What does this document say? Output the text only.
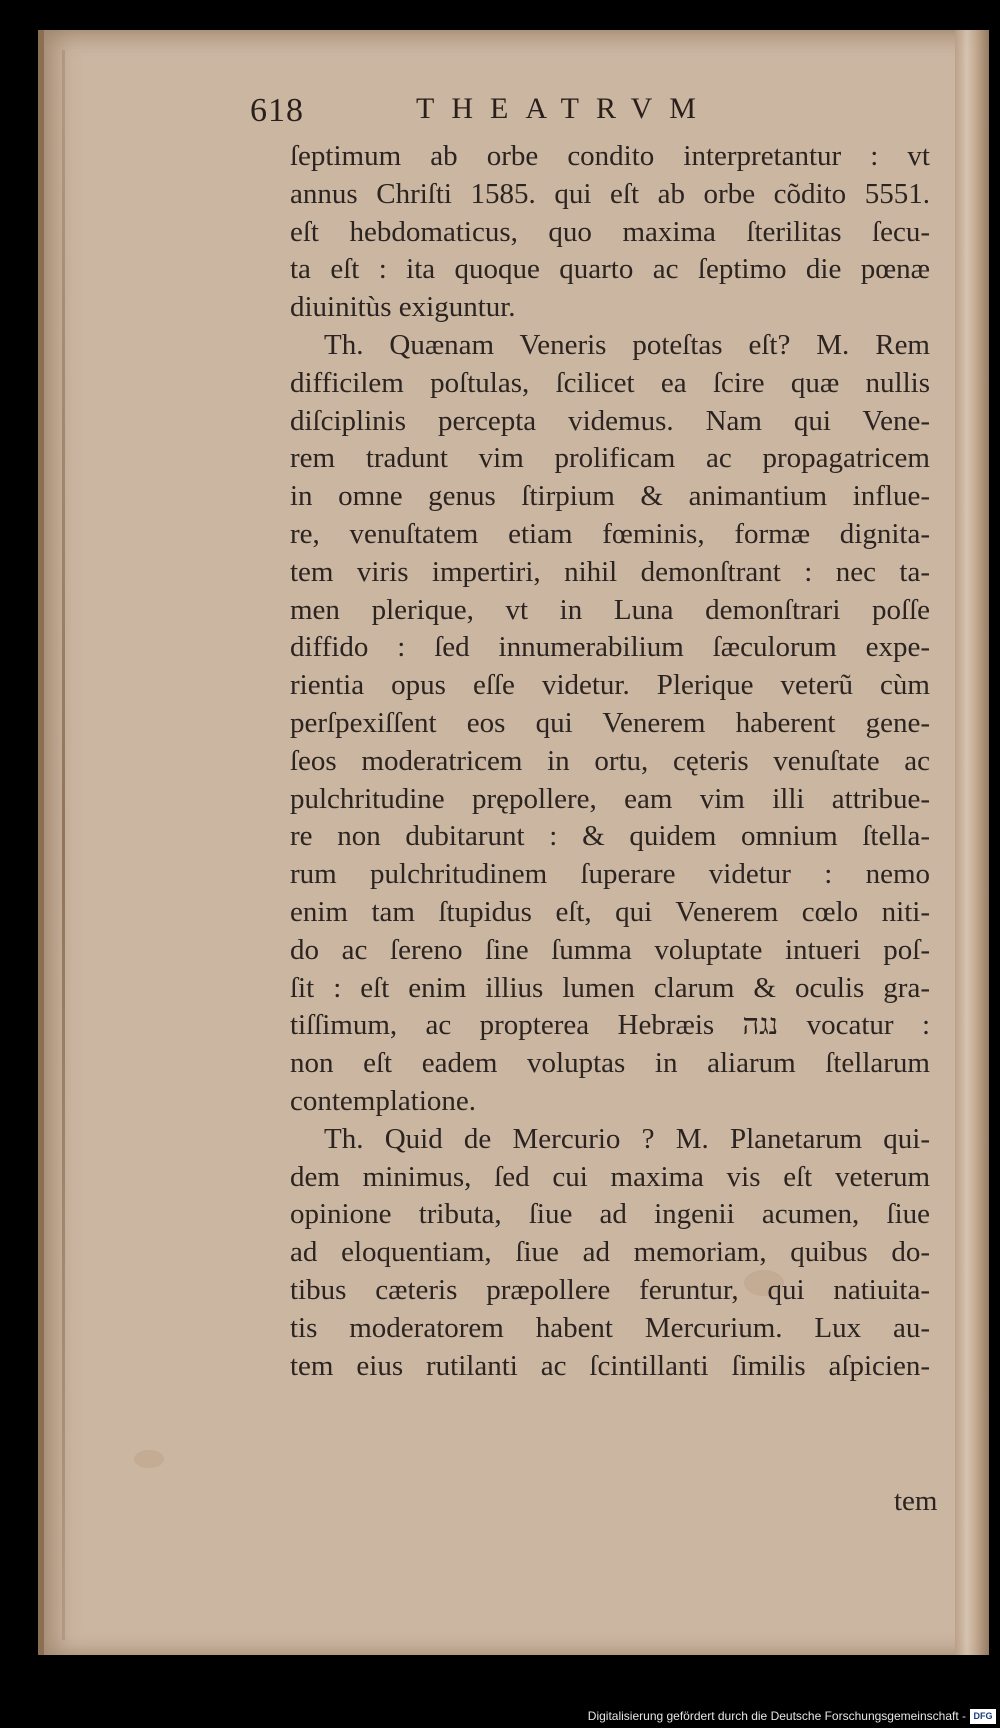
618	THEATRVM
ſeptimum ab orbe condito interpretantur : vt
annus Chriſti 1585. qui eſt ab orbe cõdito 5551.
eſt hebdomaticus, quo maxima ſterilitas ſecu-
ta eſt : ita quoque quarto ac ſeptimo die pœnæ
diuinitùs exiguntur.
Th. Quænam Veneris poteſtas eſt? M. Rem
difficilem poſtulas, ſcilicet ea ſcire quæ nullis
diſciplinis percepta videmus. Nam qui Vene-
rem tradunt vim prolificam ac propagatricem
in omne genus ſtirpium & animantium influe-
re, venuſtatem etiam fœminis, formæ dignita-
tem viris impertiri, nihil demonſtrant : nec ta-
men plerique, vt in Luna demonſtrari poſſe
diffido : ſed innumerabilium ſæculorum expe-
rientia opus eſſe videtur. Plerique veterũ cùm
perſpexiſſent eos qui Venerem haberent gene-
ſeos moderatricem in ortu, cęteris venuſtate ac
pulchritudine prępollere, eam vim illi attribue-
re non dubitarunt : & quidem omnium ſtella-
rum pulchritudinem ſuperare videtur : nemo
enim tam ſtupidus eſt, qui Venerem cœlo niti-
do ac ſereno ſine ſumma voluptate intueri poſ-
ſit : eſt enim illius lumen clarum & oculis gra-
tiſſimum, ac propterea Hebræis נגה vocatur :
non eſt eadem voluptas in aliarum ſtellarum
contemplatione.
Th. Quid de Mercurio ? M. Planetarum qui-
dem minimus, ſed cui maxima vis eſt veterum
opinione tributa, ſiue ad ingenii acumen, ſiue
ad eloquentiam, ſiue ad memoriam, quibus do-
tibus cæteris præpollere feruntur, qui natiuita-
tis moderatorem habent Mercurium. Lux au-
tem eius rutilanti ac ſcintillanti ſimilis aſpicien-
tem
Digitalisierung gefördert durch die Deutsche Forschungsgemeinschaft - DFG
